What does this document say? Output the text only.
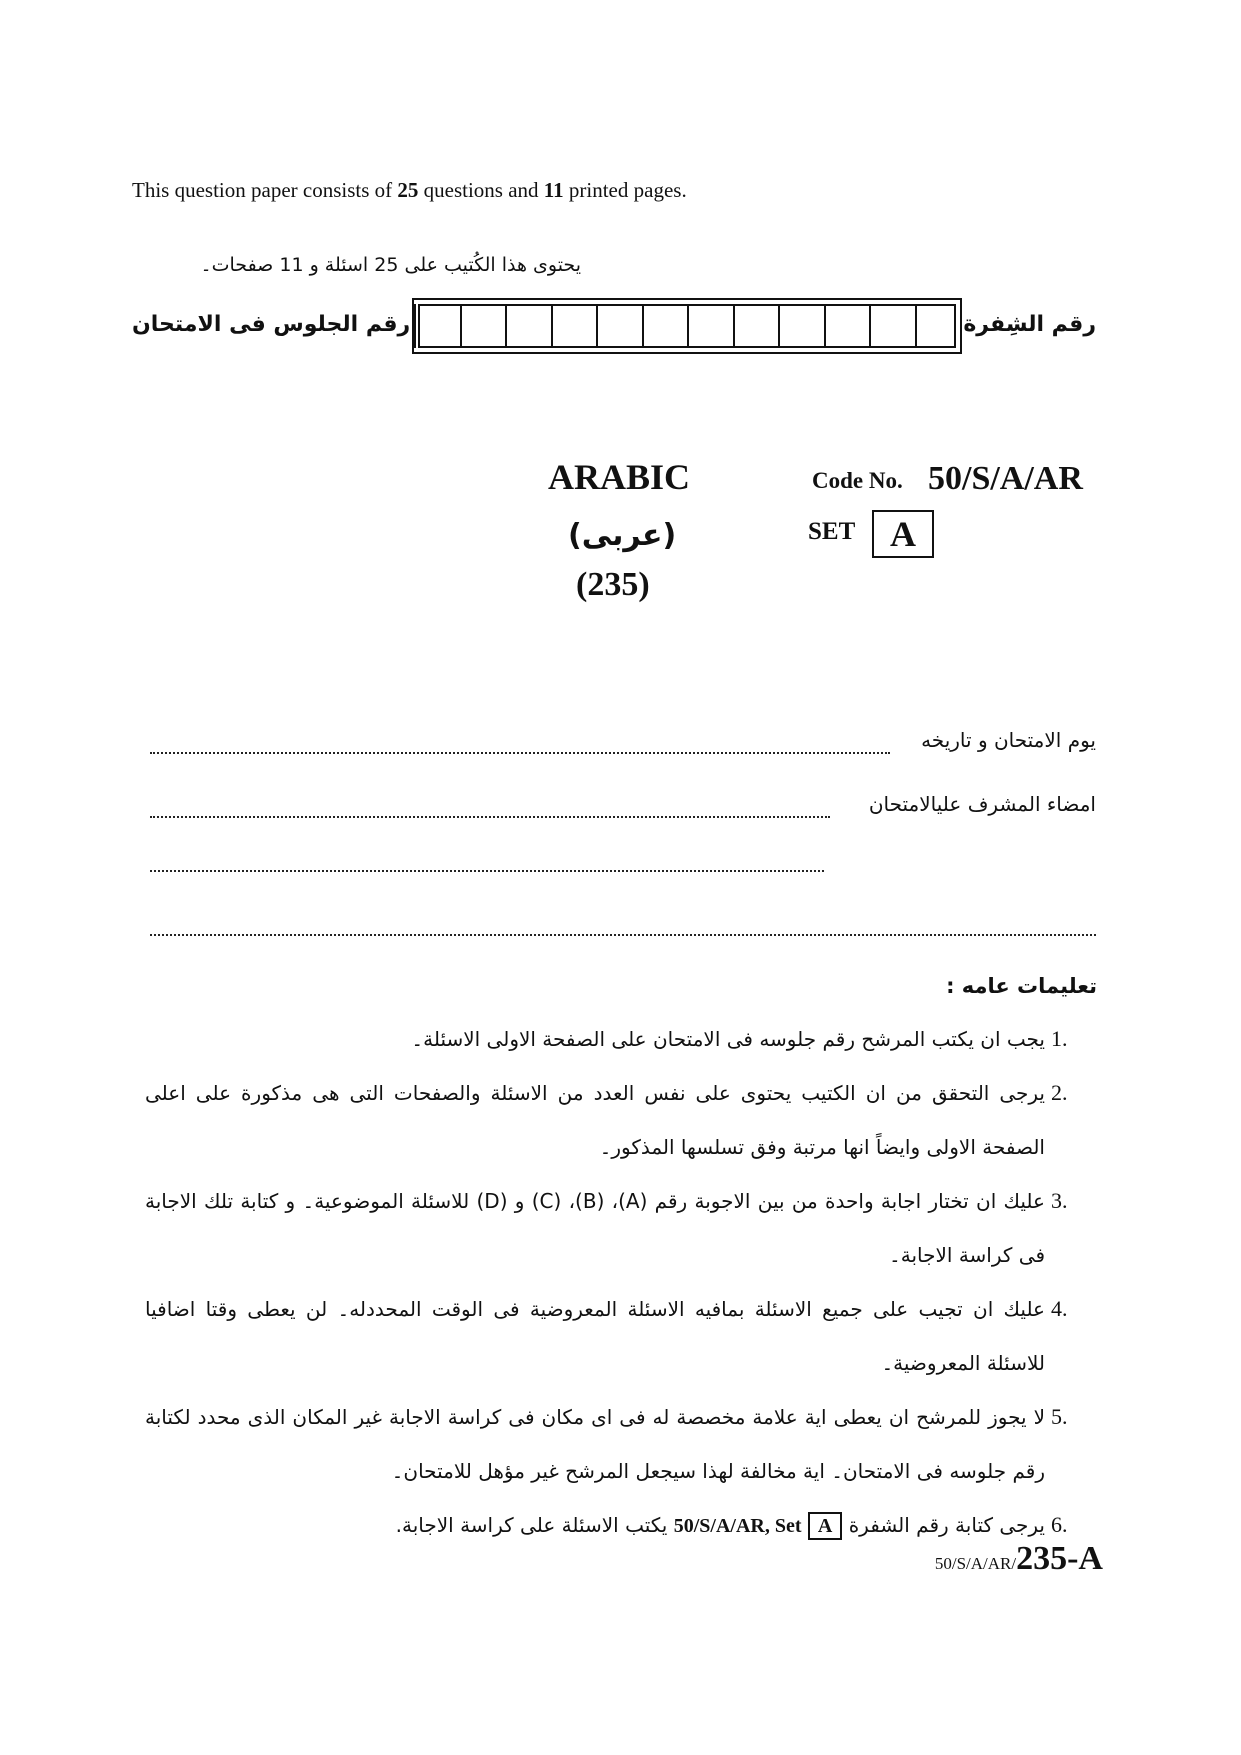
This question paper consists of 25 questions and 11 printed pages.
يحتوى هذا الكُتيب على 25 اسئلة و 11 صفحات۔
رقم الجلوس فی الامتحان	رقم الشِفرة
ARABIC
(عربی)
(235)
Code No. 50/S/A/AR
SET A
يوم الامتحان و تاريخه
امضاء المشرف علیالامتحان
تعليمات عامه :
1.
يجب ان يكتب المرشح رقم جلوسه فی الامتحان على الصفحة الاولى الاسئلة۔
2.
يرجی التحقق من ان الكتيب يحتوی على نفس العدد من الاسئلة والصفحات التی هی مذكورة على اعلی الصفحة الاولى وايضاً انها مرتبة وفق تسلسها المذكور۔
3.
عليك ان تختار اجابة واحدة من بين الاجوبة رقم (A)، (B)، (C) و (D) للاسئلة الموضوعية۔ و كتابة تلك الاجابة فی كراسة الاجابة۔
4.
عليك ان تجيب على جميع الاسئلة بمافيه الاسئلة المعروضية فی الوقت المحددله۔ لن يعطى وقتا اضافيا للاسئلة المعروضية۔
5.
لا يجوز للمرشح ان يعطی اية علامة مخصصة له فی ای مكان فی كراسة الاجابة غير المكان الذی محدد لكتابة رقم جلوسه فی الامتحان۔ اية مخالفة لهذا سيجعل المرشح غير مؤهل للامتحان۔
6.
يرجی كتابة رقم الشفرة A 50/S/A/AR, Set يكتب الاسئلة على كراسة الاجابة.
50/S/A/AR/235-A
